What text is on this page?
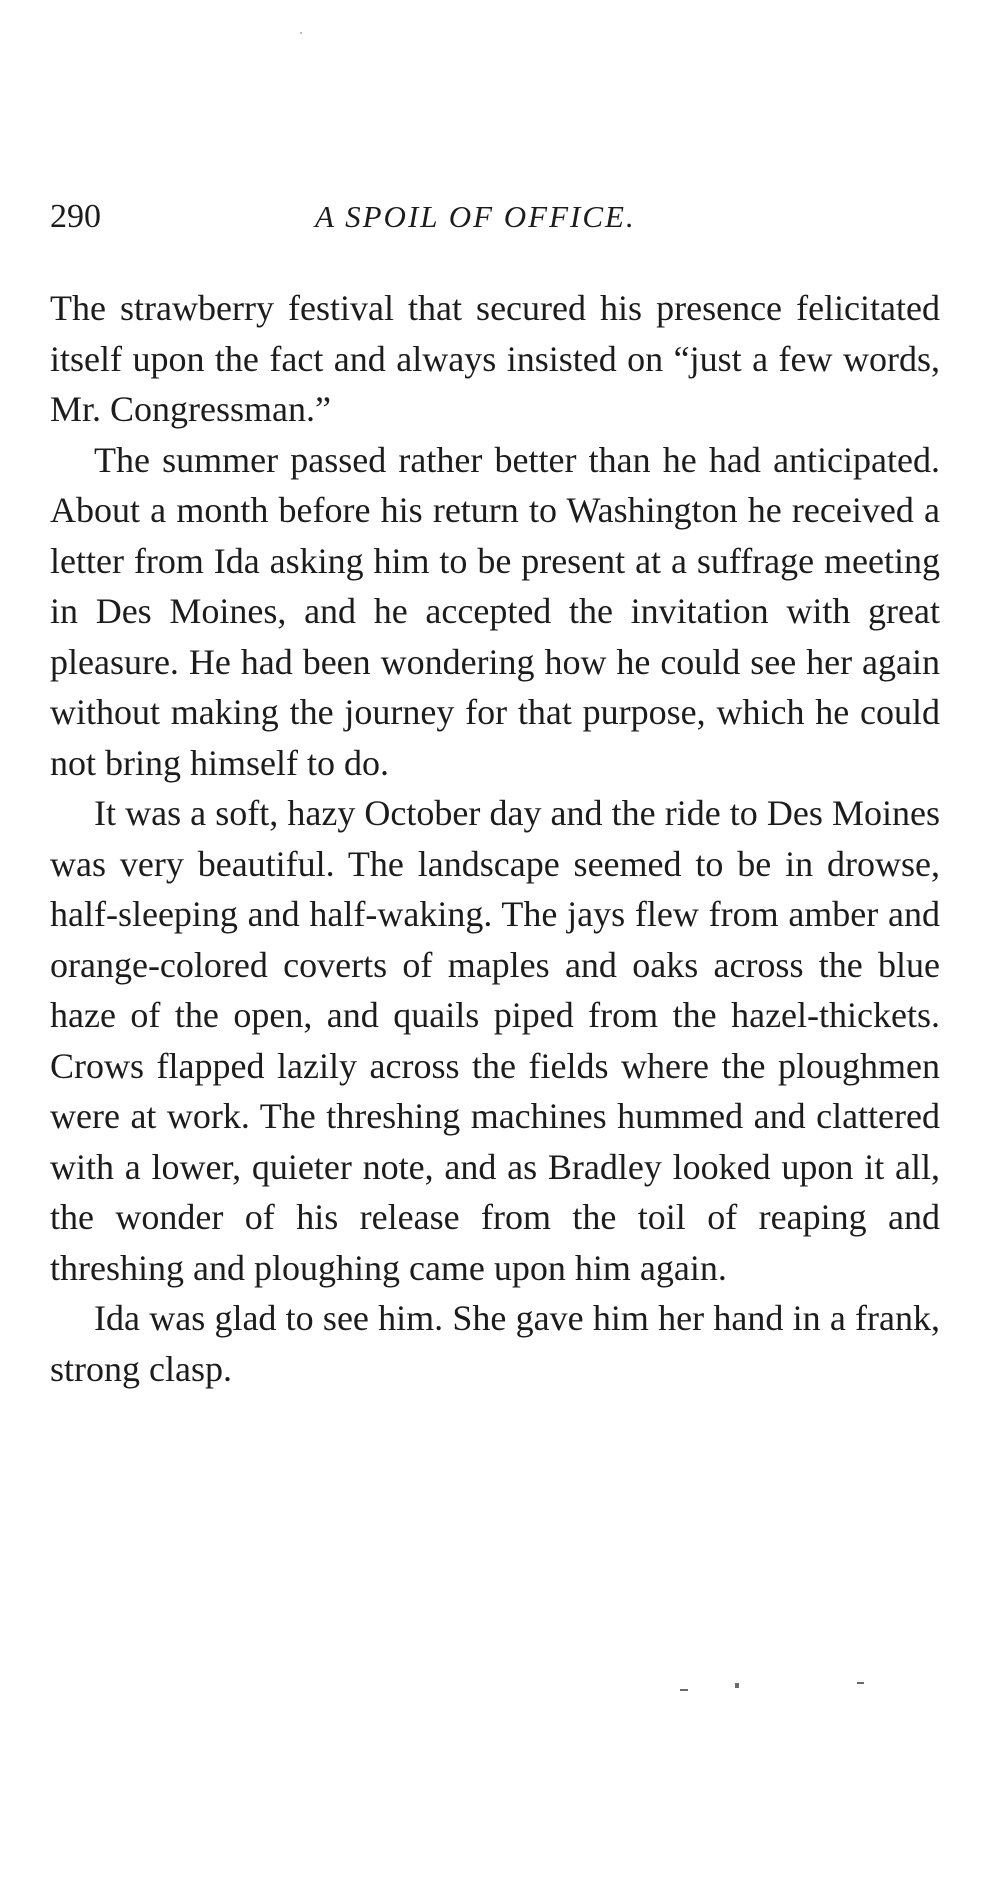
290	A SPOIL OF OFFICE.

The strawberry festival that secured his presence felicitated itself upon the fact and always insisted on “just a few words, Mr. Congressman.”

The summer passed rather better than he had anticipated. About a month before his return to Washington he received a letter from Ida asking him to be present at a suffrage meeting in Des Moines, and he accepted the invitation with great pleasure. He had been wondering how he could see her again without making the journey for that purpose, which he could not bring himself to do.

It was a soft, hazy October day and the ride to Des Moines was very beautiful. The landscape seemed to be in drowse, half-sleeping and half-waking. The jays flew from amber and orange-colored coverts of maples and oaks across the blue haze of the open, and quails piped from the hazel-thickets. Crows flapped lazily across the fields where the ploughmen were at work. The threshing machines hummed and clattered with a lower, quieter note, and as Bradley looked upon it all, the wonder of his release from the toil of reaping and threshing and ploughing came upon him again.

Ida was glad to see him. She gave him her hand in a frank, strong clasp.
